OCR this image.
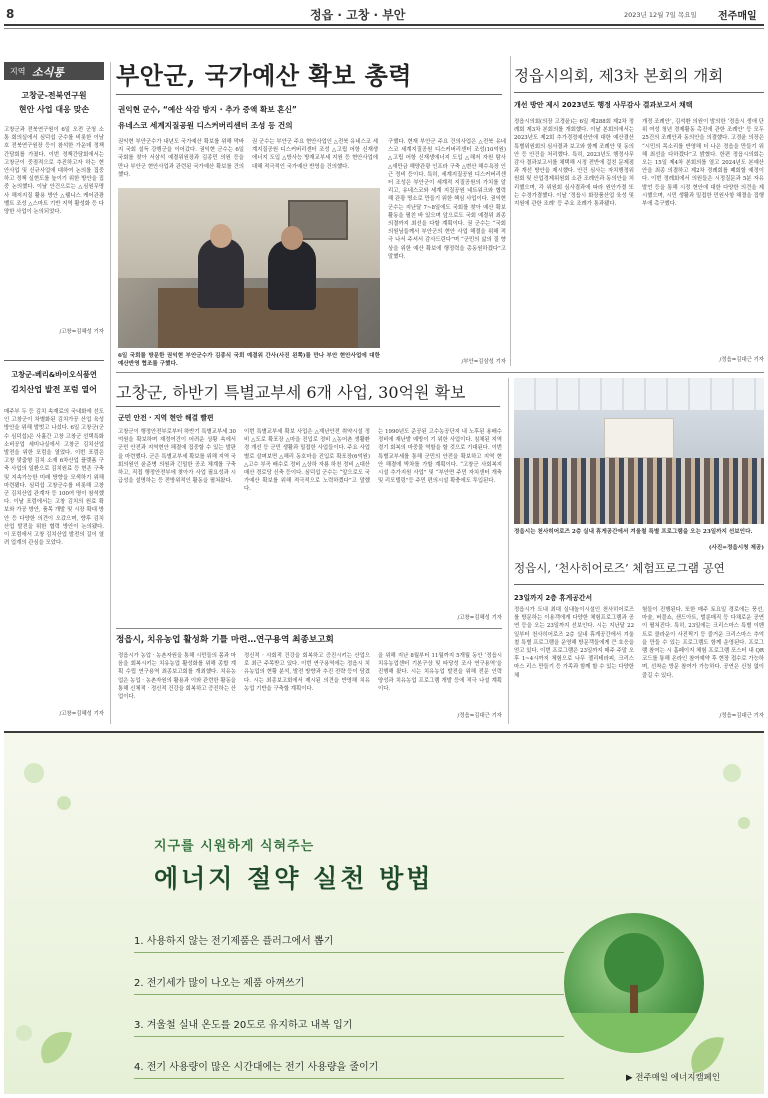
8	정읍 · 고창 · 부안	2023년 12월 7일 목요일 전주매일
지역 소식통
고창군-전북연구원
현안 사업 대응 맞손
고창군과 전북연구원이 6일 오전 군청 소통 회의실에서 심덕섭 군수를 비롯한 이남호 전북연구원장 등이 참석한 가운데 정책간담회를 가졌다. 이번 정책간담회에서는 고창군이 중점적으로 추진하고자 하는 현안사업 및 신규사업에 대하여 논의를 집중하고 정책 실현도를 높이기 위한 방안을 집중 논의했다. 이날 안건으로는 △심원무명사 해저지질 활용 방안 △웰니스 케어관광벨트 조성 △스마트 기반 지역 활성화 등 다양한 사업이 논의되었다.
/고창=김혜성 기자
고창군-베리&바이오식품연
김치산업 발전 포럼 열어
매주부 두 등 김치 속재료의 국내화에 선도인 고창군이 차별화된 김치가공 산업 육성 방안을 위해 발벗고 나섰다. 6일 고창군(군수 심덕섭)은 사흘간 고창 고창군 선택특화 소비공업 세미나실에서 고창군 김치산업 발전을 위한 포럼을 열었다. 이번 포럼은 고창 맞춤형 김치 소재 6차산업 플랫폼 구축 사업의 일환으로 김치원료 등 현존 구축 및 지속가능한 미래 방향을 모색하기 위해 마련됐다. 심덕섭 고창군수를 비롯해 고창군 김치산업 관계자 등 100여 명이 참석했다. 이날 포럼에서는 고창 김치의 원료 확보와 가공 방안, 품목 개발 및 시장 확대 방안 등 다양한 의견이 오갔으며, 향후 김치 산업 발전을 위한 협력 방안이 논의됐다. 이 포럼에서 고창 김치산업 발전의 길이 열려 업계의 관심을 모았다.
/고창=김혜성 기자
부안군, 국가예산 확보 총력
권익현 군수, “예산 삭감 방지 · 추가 증액 확보 혼신”
유네스코 세계지질공원 디스커버리센터 조성 등 건의
권익현 부안군수가 내년도 국가예산 확보를 위해 막바지 국회 설득 강행군을 이어갔다. 권익현 군수는 6일 국회를 찾아 서삼석 예결위원장과 김종민 의원 등을 만나 부안군 현안사업과 관련된 국가예산 확보를 건의했다.
권 군수는 부안군 주요 현안사업인 △전북 유네스코 세계지질공원 디스커버리센터 조성 △고립 어항 신재생에너지 도입 △방사능 방재교부세 지원 등 현안사업에 대해 적극적인 국가예산 반영을 건의했다.
6일 국회를 방문한 권익현 부안군수가 김종식 국회 예결위 간사(사진 왼쪽)를 만나 부안 현안사업에 대한 예산반영 협조를 구했다.
구했다. 현재 부안군 주요 건의사업은 △전북 유네스코 세계지질공원 디스커버리센터 조성(10억원) △고립 어항 신재생에너지 도입 △해저 자원 탐사 △새만금 해양관광 인프라 구축 △변산 해수욕장 인근 정비 등이다. 특히, 세계지질공원 디스커버리센터 조성은 부안군이 세계적 지질공원의 가치를 알리고, 유네스코와 세계 지질공원 네트워크와 협력해 관광 명소로 만들기 위한 핵심 사업이다. 권익현 군수는 지난달 7~8일에도 국회를 찾아 예산 확보 활동을 펼친 바 있으며 앞으로도 국회 예결위 최종 의결까지 최선을 다할 계획이다. 권 군수는 “국회 의원님들께서 부안군의 현안 사업 해결을 위해 적극 나서 주셔서 감사드린다”며 “군민의 삶의 질 향상을 위한 예산 확보에 행정력을 총동원하겠다”고 말했다.
/부안=김삼성 기자
정읍시의회, 제3차 본회의 개회
개선 방안 제시 2023년도 행정 사무감사 결과보고서 채택
정읍시의회(의장 고경윤)는 6일 제288회 제2차 정례회 제3차 본회의를 개회했다. 이날 본회의에서는 2023년도 제2회 추가경정예산안에 대한 예산결산특별위원회의 심사결과 보고와 함께 조례안 및 동의안 등 안건을 처리했다. 특히, 2023년도 행정사무감사 결과보고서를 채택해 시정 전반에 걸친 문제점과 개선 방안을 제시했다. 안건 심사는 자치행정위원회 및 산업경제위원회 소관 조례안과 동의안을 처리했으며, 각 위원회 심사결과에 따라 원안가결 또는 수정가결했다. 이날 ‘정읍시 화장품산업 육성 및 지원에 관한 조례’ 등 주요 조례가 통과됐다.
개정 조례안’, 김석환 의원이 발의한 ‘정읍시 생애 단위 여성 청년 경제활동 촉진에 관한 조례안’ 등 모두 25건의 조례안과 동의안을 의결했다. 고경윤 의장은 “시민의 목소리를 반영해 더 나은 정읍을 만들기 위해 최선을 다하겠다”고 밝혔다. 한편 정읍시의회는 오는 15일 제4차 본회의를 열고 2024년도 본예산안을 최종 의결하고 제2차 정례회를 폐회할 예정이다. 이번 정례회에서 의원들은 시정질문과 5분 자유발언 등을 통해 시정 현안에 대한 다양한 의견을 제시했으며, 시민 생활과 밀접한 민원사항 해결을 집행부에 촉구했다.
/정읍=김대근 기자
고창군, 하반기 특별교부세 6개 사업, 30억원 확보
군민 안전 · 지역 현안 해결 빨편
고창군이 행정안전부로부터 하반기 특별교부세 30억원을 확보하며 재정여건이 어려운 상황 속에서 군민 안전과 지역현안 해결에 집중할 수 있는 발판을 마련했다. 군은 특별교부세 확보를 위해 지역 국회의원인 윤준병 의원과 긴밀한 공조 체계를 구축하고, 직접 행정안전부에 찾아가 사업 필요성과 시급성을 설명하는 등 전방위적인 활동을 펼쳐왔다.
이번 특별교부세 확보 사업은 △재난안전 취약시설 정비 △도로 확포장 △마을 진입로 정비 △농어촌 생활환경 개선 등 군민 생활과 밀접한 사업들이다. 주요 사업별로 살펴보면 △해리 동호마을 진입로 확포장(6억원) △고수 부곡 배수로 정비 △상하 자룡 하천 정비 △대산 매산 경로당 신축 등이다. 심덕섭 군수는 “앞으로도 국가예산 확보를 위해 적극적으로 노력하겠다”고 말했다.
는 1990년도 준공된 고수농공단지 내 노후된 용배수 정비에 재난발 예방이 기 위한 사업이다. 침체된 지역 경기 회복의 마중물 역할을 할 것으로 기대된다. 이번 특별교부세를 통해 군민의 안전을 확보하고 지역 현안 해결에 박차를 가할 계획이다. “고창군 사회복지시설 추가지원 사업” 및 “부안면 주민 자치센터 개축 및 리모델링”등 주민 편의시설 확충에도 투입된다.
/고창=김혜성 기자
정읍시, 치유농업 활성화 기틀 마련…연구용역 최종보고회
정읍시가 농업 · 농촌자원을 통해 시민들의 몸과 마음을 회복시키는 치유농업 활성화를 위해 종합 계획 수립 연구용역 최종보고회를 개최했다. 치유농업은 농업 · 농촌자원의 활용과 이와 관련한 활동을 통해 신체적 · 정신적 건강을 회복하고 증진하는 산업이다.
정신적 · 사회적 건강을 회복하고 증진시키는 산업으로 최근 주목받고 있다. 이번 연구용역에는 정읍시 치유농업의 현황 분석, 발전 방향과 추진 전략 등이 담겼다. 시는 최종보고회에서 제시된 의견을 반영해 치유농업 기반을 구축할 계획이다.
을 위해 지난 8월부터 11월까지 5개월 동안 ‘정읍시 치유농업센터 기본구상 및 타당성 조사 연구용역’을 진행해 왔다. 시는 치유농업 발전을 위해 전문 인력 양성과 치유농업 프로그램 개발 등에 적극 나설 계획이다.
/정읍=김대근 기자
정읍시는 천사히어로즈 2층 실내 휴게공간에서 겨울철 특별 프로그램을 오는 23일까지 선보인다.
(사진=정읍시청 제공)
정읍시, ‘천사히어로즈’ 체험프로그램 공연
23일까지 2층 휴게공간서
정읍시가 도내 최대 실내놀이시설인 천사히어로즈를 방문하는 이용객에게 다양한 체험프로그램과 공연 등을 오는 23일까지 선보인다. 시는 지난달 22일부터 천사히어로즈 2층 실내 휴게공간에서 겨울철 특별 프로그램을 운영해 방문객들에게 큰 호응을 얻고 있다. 이번 프로그램은 23일까지 매주 주말 오후 1~4시까지 체험으로 나무 젤리테라피, 크리스마스 리스 만들기 등 가족과 함께 할 수 있는 다양한 체
험들이 진행된다. 또한 매주 토요일 경로에는 풍선, 마술, 버블쇼, 샌드아트, 벌룬매직 등 다채로운 공연이 펼쳐진다. 특히, 23일에는 크리스마스 특별 이벤트로 클라운이 사진찍기 등 즐거운 크리스마스 추억을 만들 수 있는 프로그램도 함께 운영된다. 프로그램 참여는 시 홈페이지 체험 프로그램 포스터 내 QR코드를 통해 온라인 참여예약 후 현장 접수로 가능하며, 선착순 방문 참여가 가능하다. 공연은 신청 없이 즐길 수 있다.
/정읍=김대근 기자
지구를 시원하게 식혀주는
에너지 절약 실천 방법
1. 사용하지 않는 전기제품은 플러그에서 뽑기
2. 전기세가 많이 나오는 제품 아껴쓰기
3. 겨울철 실내 온도를 20도로 유지하고 내복 입기
4. 전기 사용량이 많은 시간대에는 전기 사용량을 줄이기
▶ 전주매일 에너지캠페인
